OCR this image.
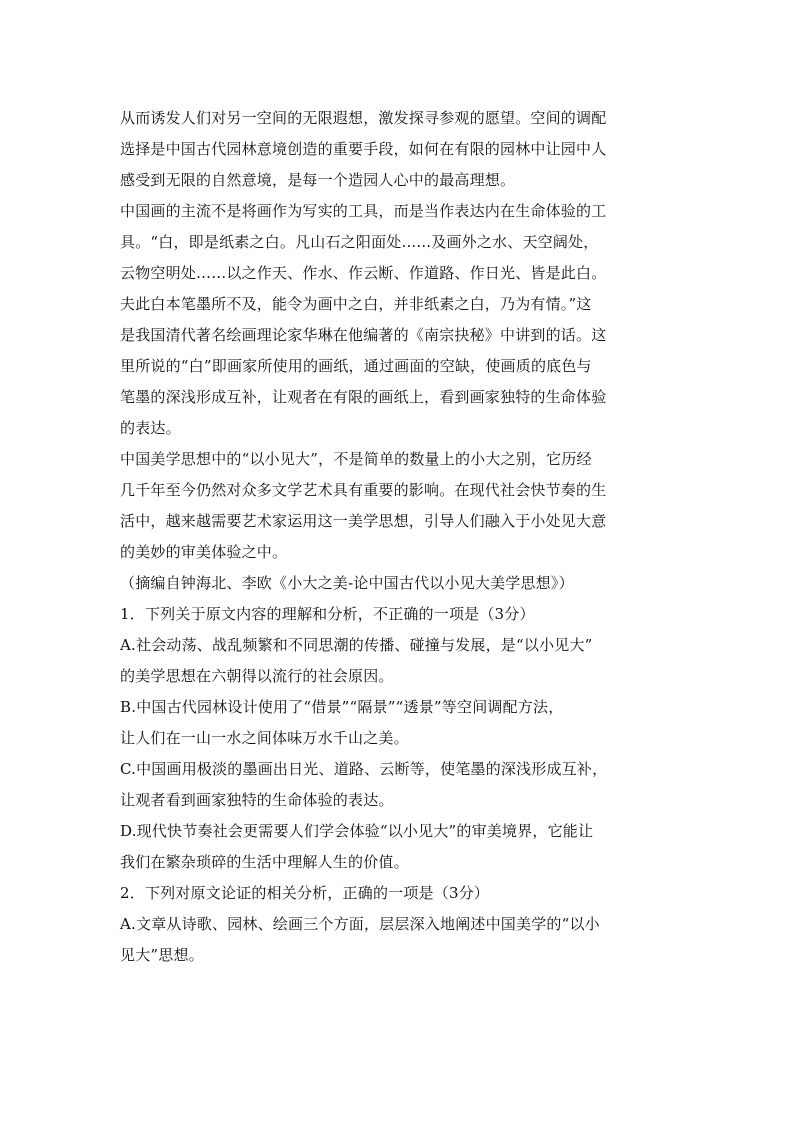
从而诱发人们对另一空间的无限遐想，激发探寻参观的愿望。空间的调配
选择是中国古代园林意境创造的重要手段，如何在有限的园林中让园中人
感受到无限的自然意境，是每一个造园人心中的最高理想。
中国画的主流不是将画作为写实的工具，而是当作表达内在生命体验的工
具。“白，即是纸素之白。凡山石之阳面处......及画外之水、天空阔处，
云物空明处……以之作天、作水、作云断、作道路、作日光、皆是此白。
夫此白本笔墨所不及，能令为画中之白，并非纸素之白，乃为有情。”这
是我国清代著名绘画理论家华琳在他编著的《南宗抉秘》中讲到的话。这
里所说的“白”即画家所使用的画纸，通过画面的空缺，使画质的底色与
笔墨的深浅形成互补，让观者在有限的画纸上，看到画家独特的生命体验
的表达。
中国美学思想中的“以小见大”，不是简单的数量上的小大之别，它历经
几千年至今仍然对众多文学艺术具有重要的影响。在现代社会快节奏的生
活中，越来越需要艺术家运用这一美学思想，引导人们融入于小处见大意
的美妙的审美体验之中。
（摘编自钟海北、李欧《小大之美-论中国古代以小见大美学思想》）
1．下列关于原文内容的理解和分析，不正确的一项是（3分）
A.社会动荡、战乱频繁和不同思潮的传播、碰撞与发展，是“以小见大”
的美学思想在六朝得以流行的社会原因。
B.中国古代园林设计使用了“借景”“隔景”“透景”等空间调配方法，
让人们在一山一水之间体味万水千山之美。
C.中国画用极淡的墨画出日光、道路、云断等，使笔墨的深浅形成互补，
让观者看到画家独特的生命体验的表达。
D.现代快节奏社会更需要人们学会体验“以小见大”的审美境界，它能让
我们在繁杂琐碎的生活中理解人生的价值。
2．下列对原文论证的相关分析，正确的一项是（3分）
A.文章从诗歌、园林、绘画三个方面，层层深入地阐述中国美学的“以小
见大”思想。
